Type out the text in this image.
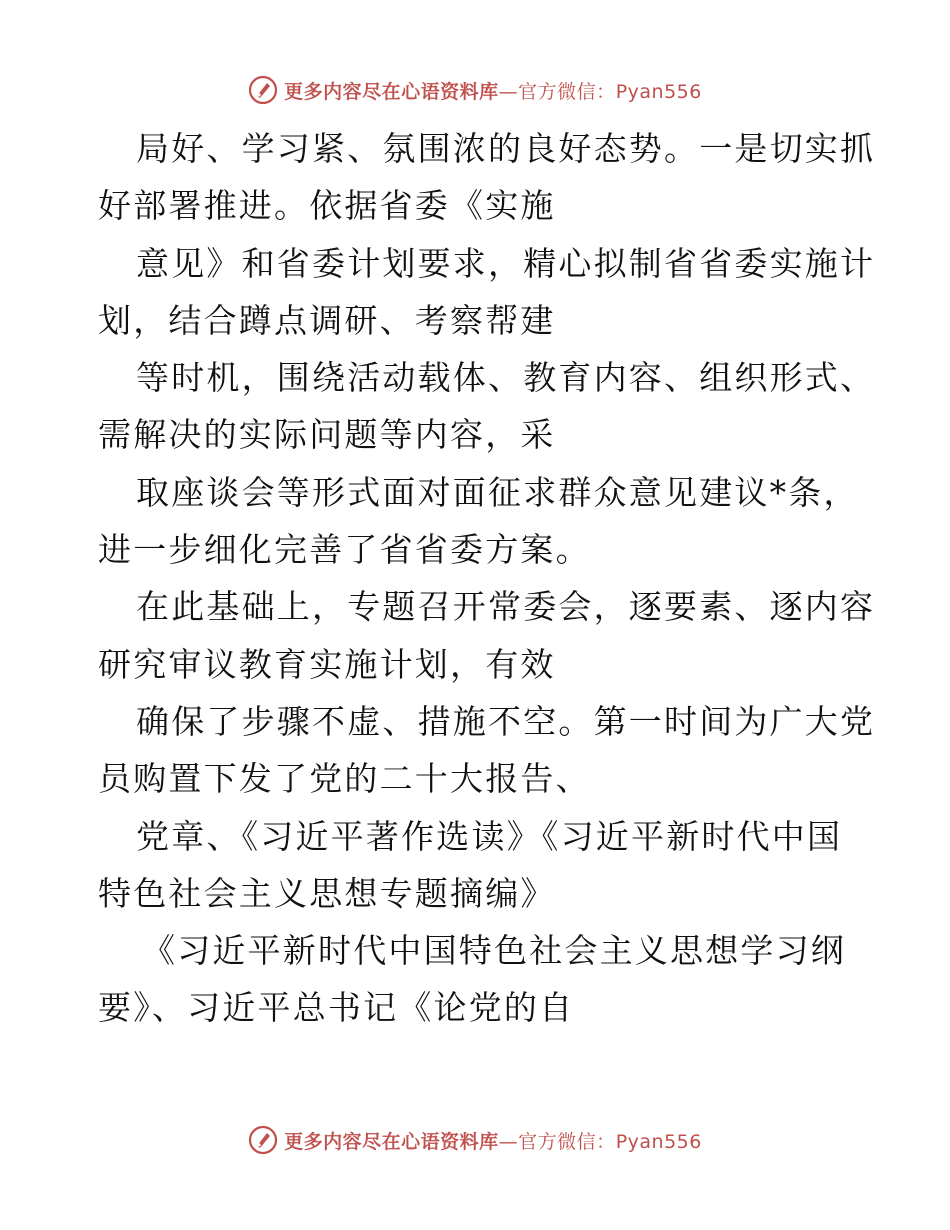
更多内容尽在心语资料库—官方微信：Pyan556
局好、学习紧、氛围浓的良好态势。一是切实抓
好部署推进。依据省委《实施
意见》和省委计划要求，精心拟制省省委实施计
划，结合蹲点调研、考察帮建
等时机，围绕活动载体、教育内容、组织形式、
需解决的实际问题等内容，采
取座谈会等形式面对面征求群众意见建议*条，
进一步细化完善了省省委方案。
在此基础上，专题召开常委会，逐要素、逐内容
研究审议教育实施计划，有效
确保了步骤不虚、措施不空。第一时间为广大党
员购置下发了党的二十大报告、
党章、《习近平著作选读》《习近平新时代中国
特色社会主义思想专题摘编》
《习近平新时代中国特色社会主义思想学习纲
要》、习近平总书记《论党的自
更多内容尽在心语资料库—官方微信：Pyan556
